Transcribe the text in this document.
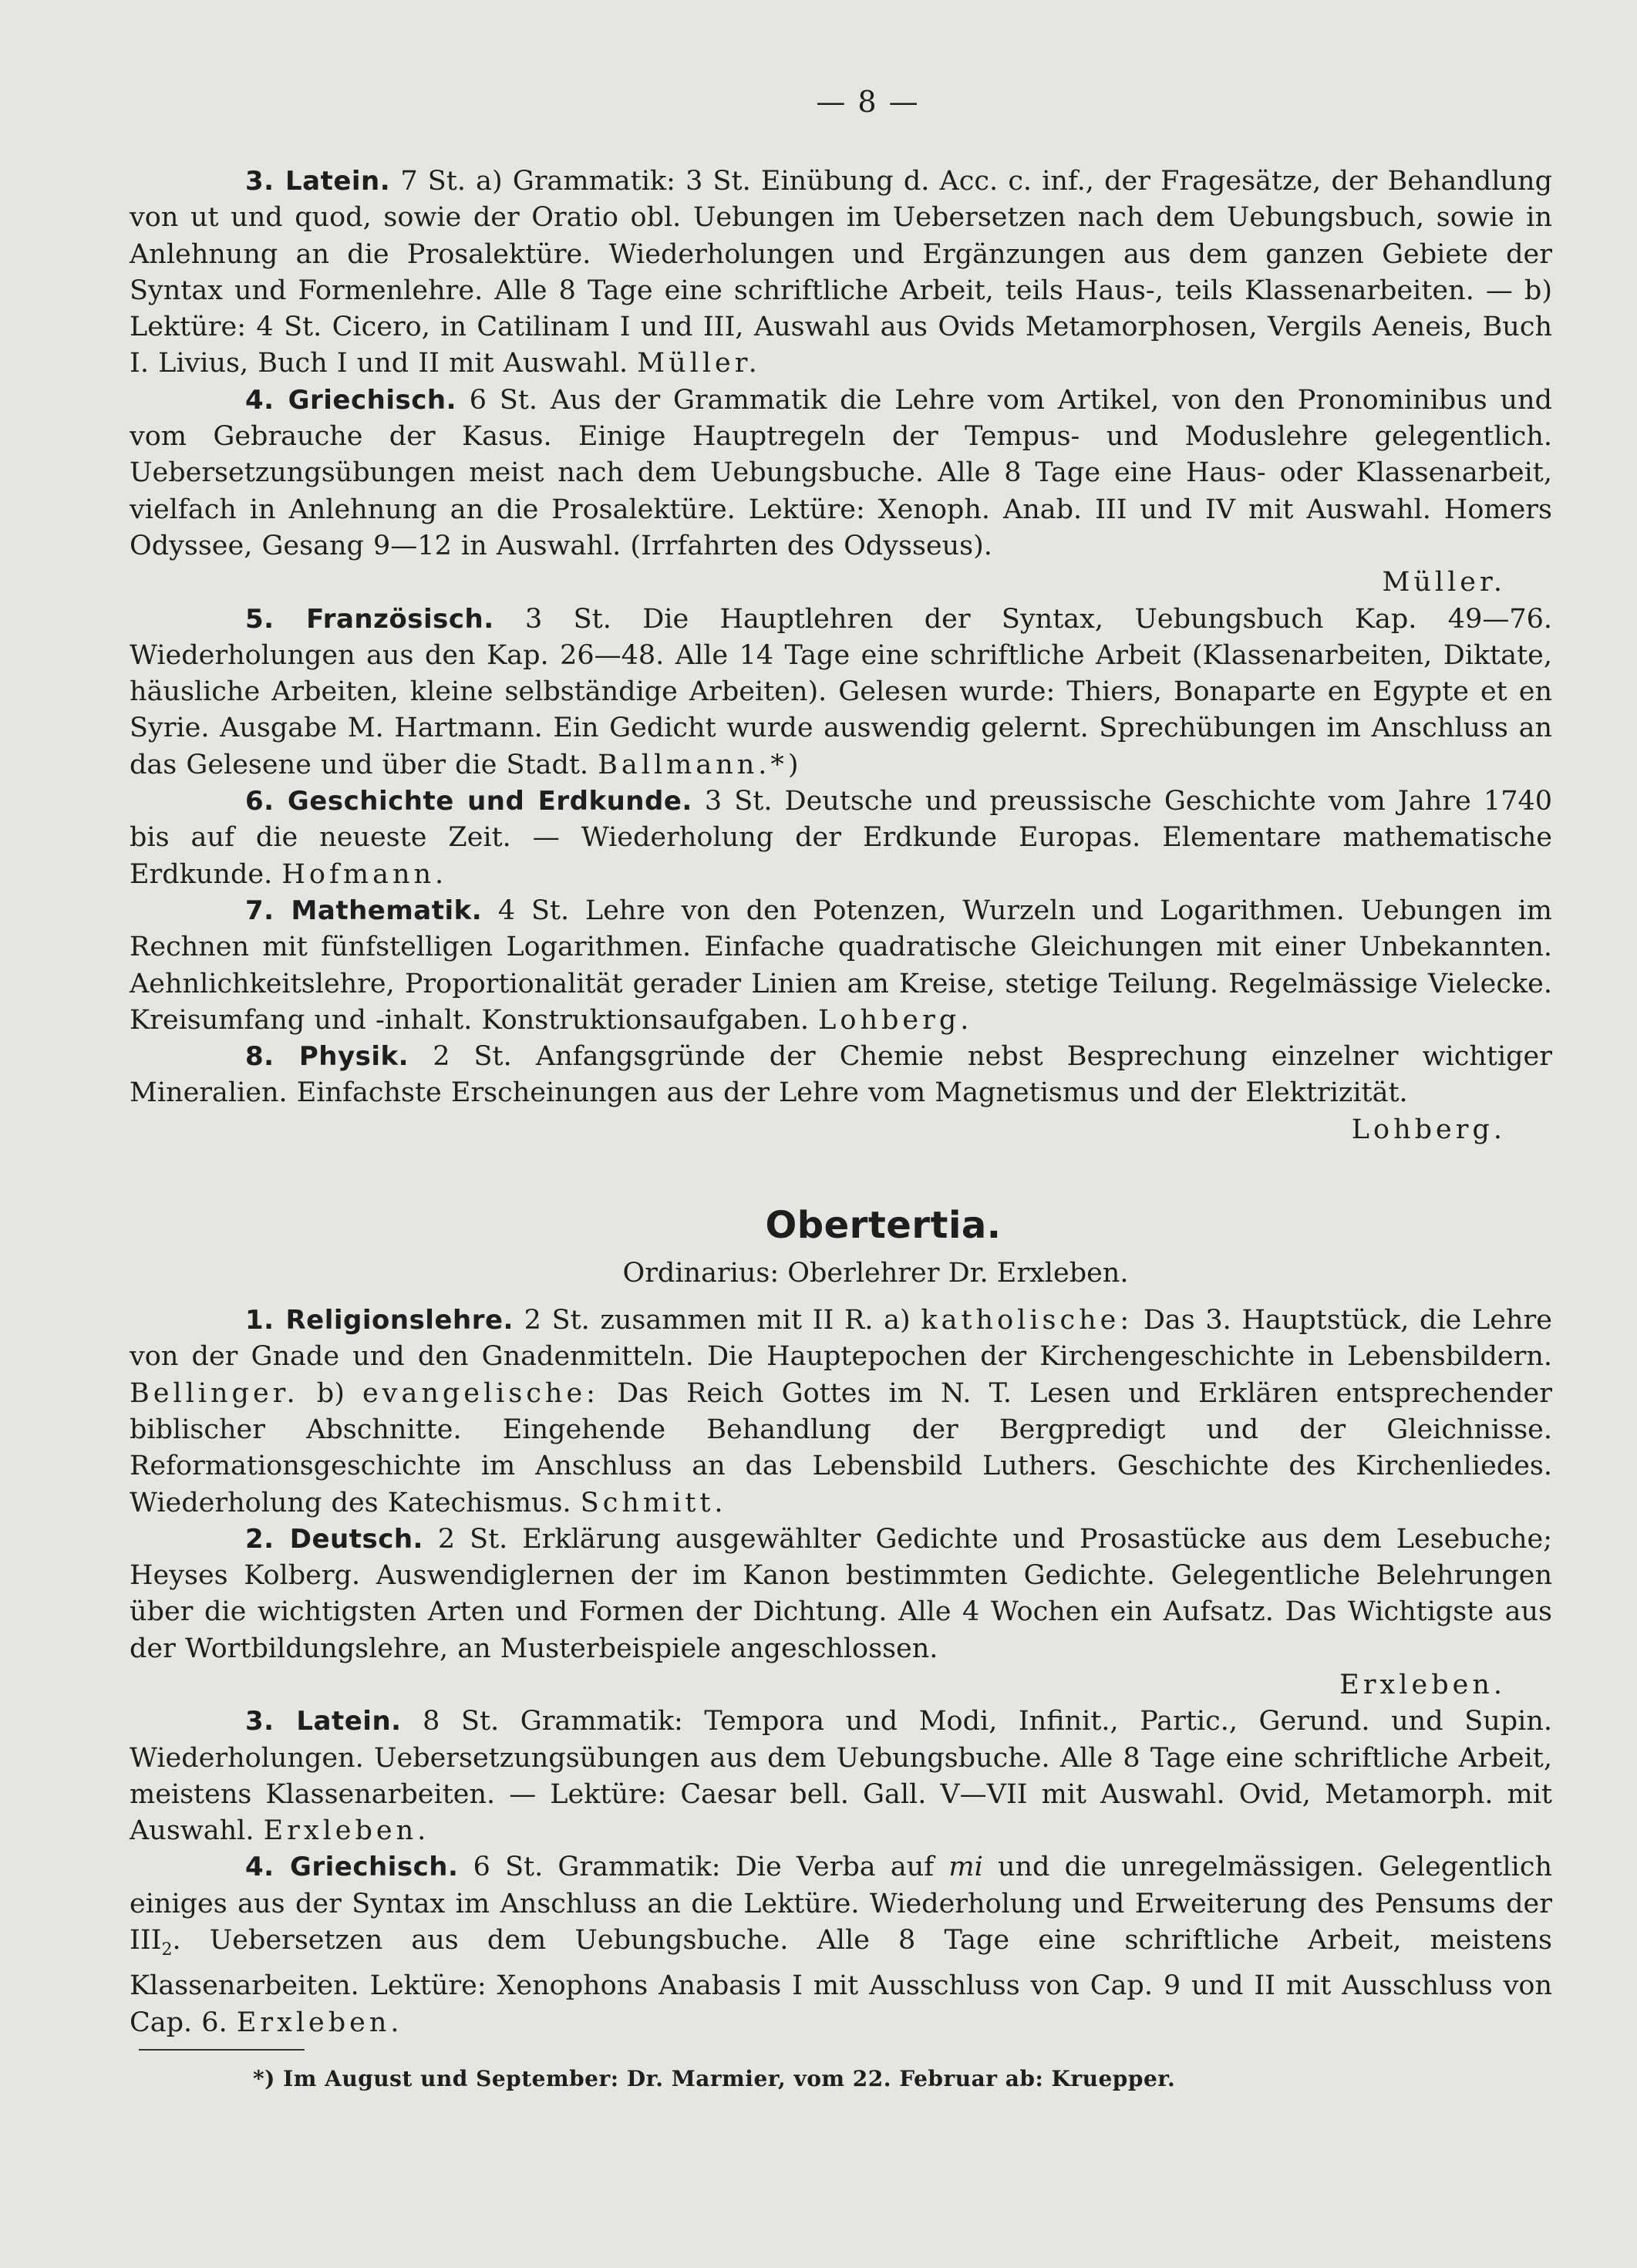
— 8 —

3. Latein. 7 St. a) Grammatik: 3 St. Einübung d. Acc. c. inf., der Fragesätze, der Behandlung von ut und quod, sowie der Oratio obl. Uebungen im Uebersetzen nach dem Uebungsbuch, sowie in Anlehnung an die Prosalektüre. Wiederholungen und Ergänzungen aus dem ganzen Gebiete der Syntax und Formenlehre. Alle 8 Tage eine schriftliche Arbeit, teils Haus-, teils Klassenarbeiten. — b) Lektüre: 4 St. Cicero, in Catilinam I und III, Auswahl aus Ovids Metamorphosen, Vergils Aeneis, Buch I. Livius, Buch I und II mit Auswahl. Müller.

4. Griechisch. 6 St. Aus der Grammatik die Lehre vom Artikel, von den Pronominibus und vom Gebrauche der Kasus. Einige Hauptregeln der Tempus- und Moduslehre gelegentlich. Uebersetzungsübungen meist nach dem Uebungsbuche. Alle 8 Tage eine Haus- oder Klassenarbeit, vielfach in Anlehnung an die Prosalektüre. Lektüre: Xenoph. Anab. III und IV mit Auswahl. Homers Odyssee, Gesang 9—12 in Auswahl. (Irrfahrten des Odysseus).
Müller.

5. Französisch. 3 St. Die Hauptlehren der Syntax, Uebungsbuch Kap. 49—76. Wiederholungen aus den Kap. 26—48. Alle 14 Tage eine schriftliche Arbeit (Klassenarbeiten, Diktate, häusliche Arbeiten, kleine selbständige Arbeiten). Gelesen wurde: Thiers, Bonaparte en Egypte et en Syrie. Ausgabe M. Hartmann. Ein Gedicht wurde auswendig gelernt. Sprechübungen im Anschluss an das Gelesene und über die Stadt. Ballmann.*)

6. Geschichte und Erdkunde. 3 St. Deutsche und preussische Geschichte vom Jahre 1740 bis auf die neueste Zeit. — Wiederholung der Erdkunde Europas. Elementare mathematische Erdkunde. Hofmann.

7. Mathematik. 4 St. Lehre von den Potenzen, Wurzeln und Logarithmen. Uebungen im Rechnen mit fünfstelligen Logarithmen. Einfache quadratische Gleichungen mit einer Unbekannten. Aehnlichkeitslehre, Proportionalität gerader Linien am Kreise, stetige Teilung. Regelmässige Vielecke. Kreisumfang und -inhalt. Konstruktionsaufgaben. Lohberg.

8. Physik. 2 St. Anfangsgründe der Chemie nebst Besprechung einzelner wichtiger Mineralien. Einfachste Erscheinungen aus der Lehre vom Magnetismus und der Elektrizität.
Lohberg.

Obertertia.
Ordinarius: Oberlehrer Dr. Erxleben.

1. Religionslehre. 2 St. zusammen mit II R. a) katholische: Das 3. Hauptstück, die Lehre von der Gnade und den Gnadenmitteln. Die Hauptepochen der Kirchengeschichte in Lebensbildern. Bellinger. b) evangelische: Das Reich Gottes im N. T. Lesen und Erklären entsprechender biblischer Abschnitte. Eingehende Behandlung der Bergpredigt und der Gleichnisse. Reformationsgeschichte im Anschluss an das Lebensbild Luthers. Geschichte des Kirchenliedes. Wiederholung des Katechismus. Schmitt.

2. Deutsch. 2 St. Erklärung ausgewählter Gedichte und Prosastücke aus dem Lesebuche; Heyses Kolberg. Auswendiglernen der im Kanon bestimmten Gedichte. Gelegentliche Belehrungen über die wichtigsten Arten und Formen der Dichtung. Alle 4 Wochen ein Aufsatz. Das Wichtigste aus der Wortbildungslehre, an Musterbeispiele angeschlossen.
Erxleben.

3. Latein. 8 St. Grammatik: Tempora und Modi, Infinit., Partic., Gerund. und Supin. Wiederholungen. Uebersetzungsübungen aus dem Uebungsbuche. Alle 8 Tage eine schriftliche Arbeit, meistens Klassenarbeiten. — Lektüre: Caesar bell. Gall. V—VII mit Auswahl. Ovid, Metamorph. mit Auswahl. Erxleben.

4. Griechisch. 6 St. Grammatik: Die Verba auf mi und die unregelmässigen. Gelegentlich einiges aus der Syntax im Anschluss an die Lektüre. Wiederholung und Erweiterung des Pensums der $III_2$. Uebersetzen aus dem Uebungsbuche. Alle 8 Tage eine schriftliche Arbeit, meistens Klassenarbeiten. Lektüre: Xenophons Anabasis I mit Ausschluss von Cap. 9 und II mit Ausschluss von Cap. 6. Erxleben.

*) Im August und September: Dr. Marmier, vom 22. Februar ab: Kruepper.
